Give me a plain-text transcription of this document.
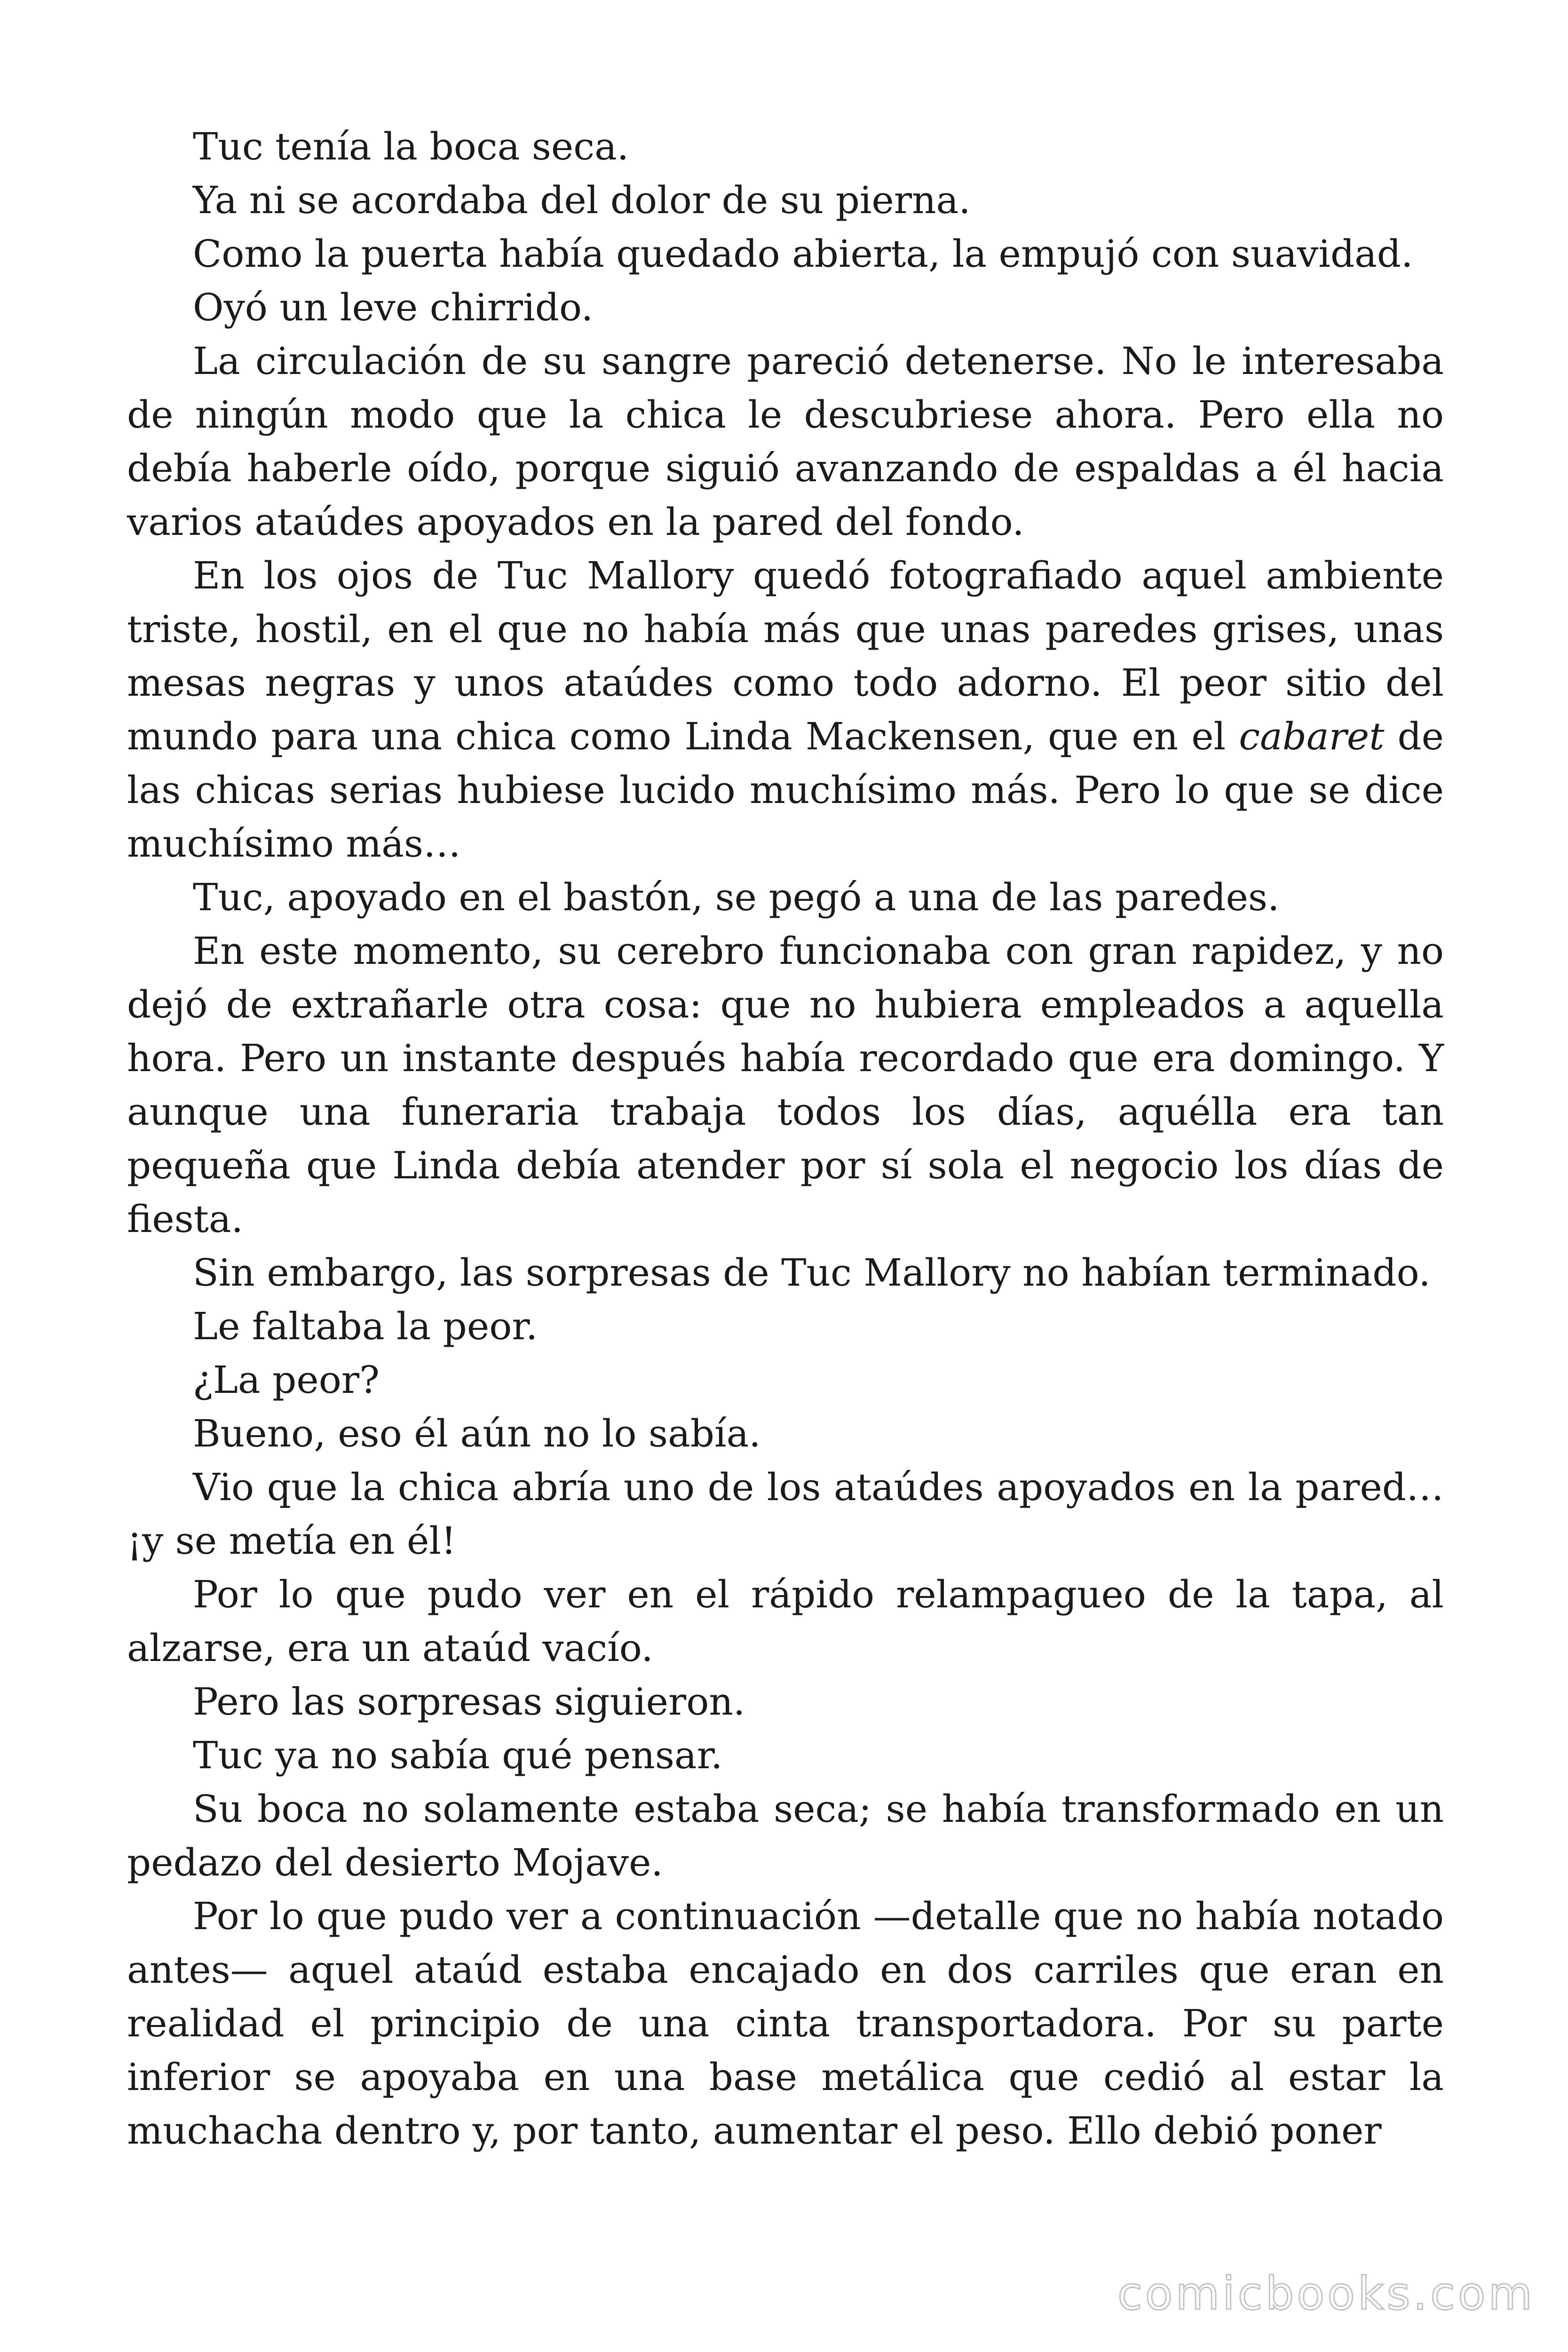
Tuc tenía la boca seca.

Ya ni se acordaba del dolor de su pierna.

Como la puerta había quedado abierta, la empujó con suavidad.

Oyó un leve chirrido.

La circulación de su sangre pareció detenerse. No le interesaba de ningún modo que la chica le descubriese ahora. Pero ella no debía haberle oído, porque siguió avanzando de espaldas a él hacia varios ataúdes apoyados en la pared del fondo.

En los ojos de Tuc Mallory quedó fotografiado aquel ambiente triste, hostil, en el que no había más que unas paredes grises, unas mesas negras y unos ataúdes como todo adorno. El peor sitio del mundo para una chica como Linda Mackensen, que en el cabaret de las chicas serias hubiese lucido muchísimo más. Pero lo que se dice muchísimo más…

Tuc, apoyado en el bastón, se pegó a una de las paredes.

En este momento, su cerebro funcionaba con gran rapidez, y no dejó de extrañarle otra cosa: que no hubiera empleados a aquella hora. Pero un instante después había recordado que era domingo. Y aunque una funeraria trabaja todos los días, aquélla era tan pequeña que Linda debía atender por sí sola el negocio los días de fiesta.

Sin embargo, las sorpresas de Tuc Mallory no habían terminado.

Le faltaba la peor.

¿La peor?

Bueno, eso él aún no lo sabía.

Vio que la chica abría uno de los ataúdes apoyados en la pared… ¡y se metía en él!

Por lo que pudo ver en el rápido relampagueo de la tapa, al alzarse, era un ataúd vacío.

Pero las sorpresas siguieron.

Tuc ya no sabía qué pensar.

Su boca no solamente estaba seca; se había transformado en un pedazo del desierto Mojave.

Por lo que pudo ver a continuación —detalle que no había notado antes— aquel ataúd estaba encajado en dos carriles que eran en realidad el principio de una cinta transportadora. Por su parte inferior se apoyaba en una base metálica que cedió al estar la muchacha dentro y, por tanto, aumentar el peso. Ello debió poner

comicbooks.com
